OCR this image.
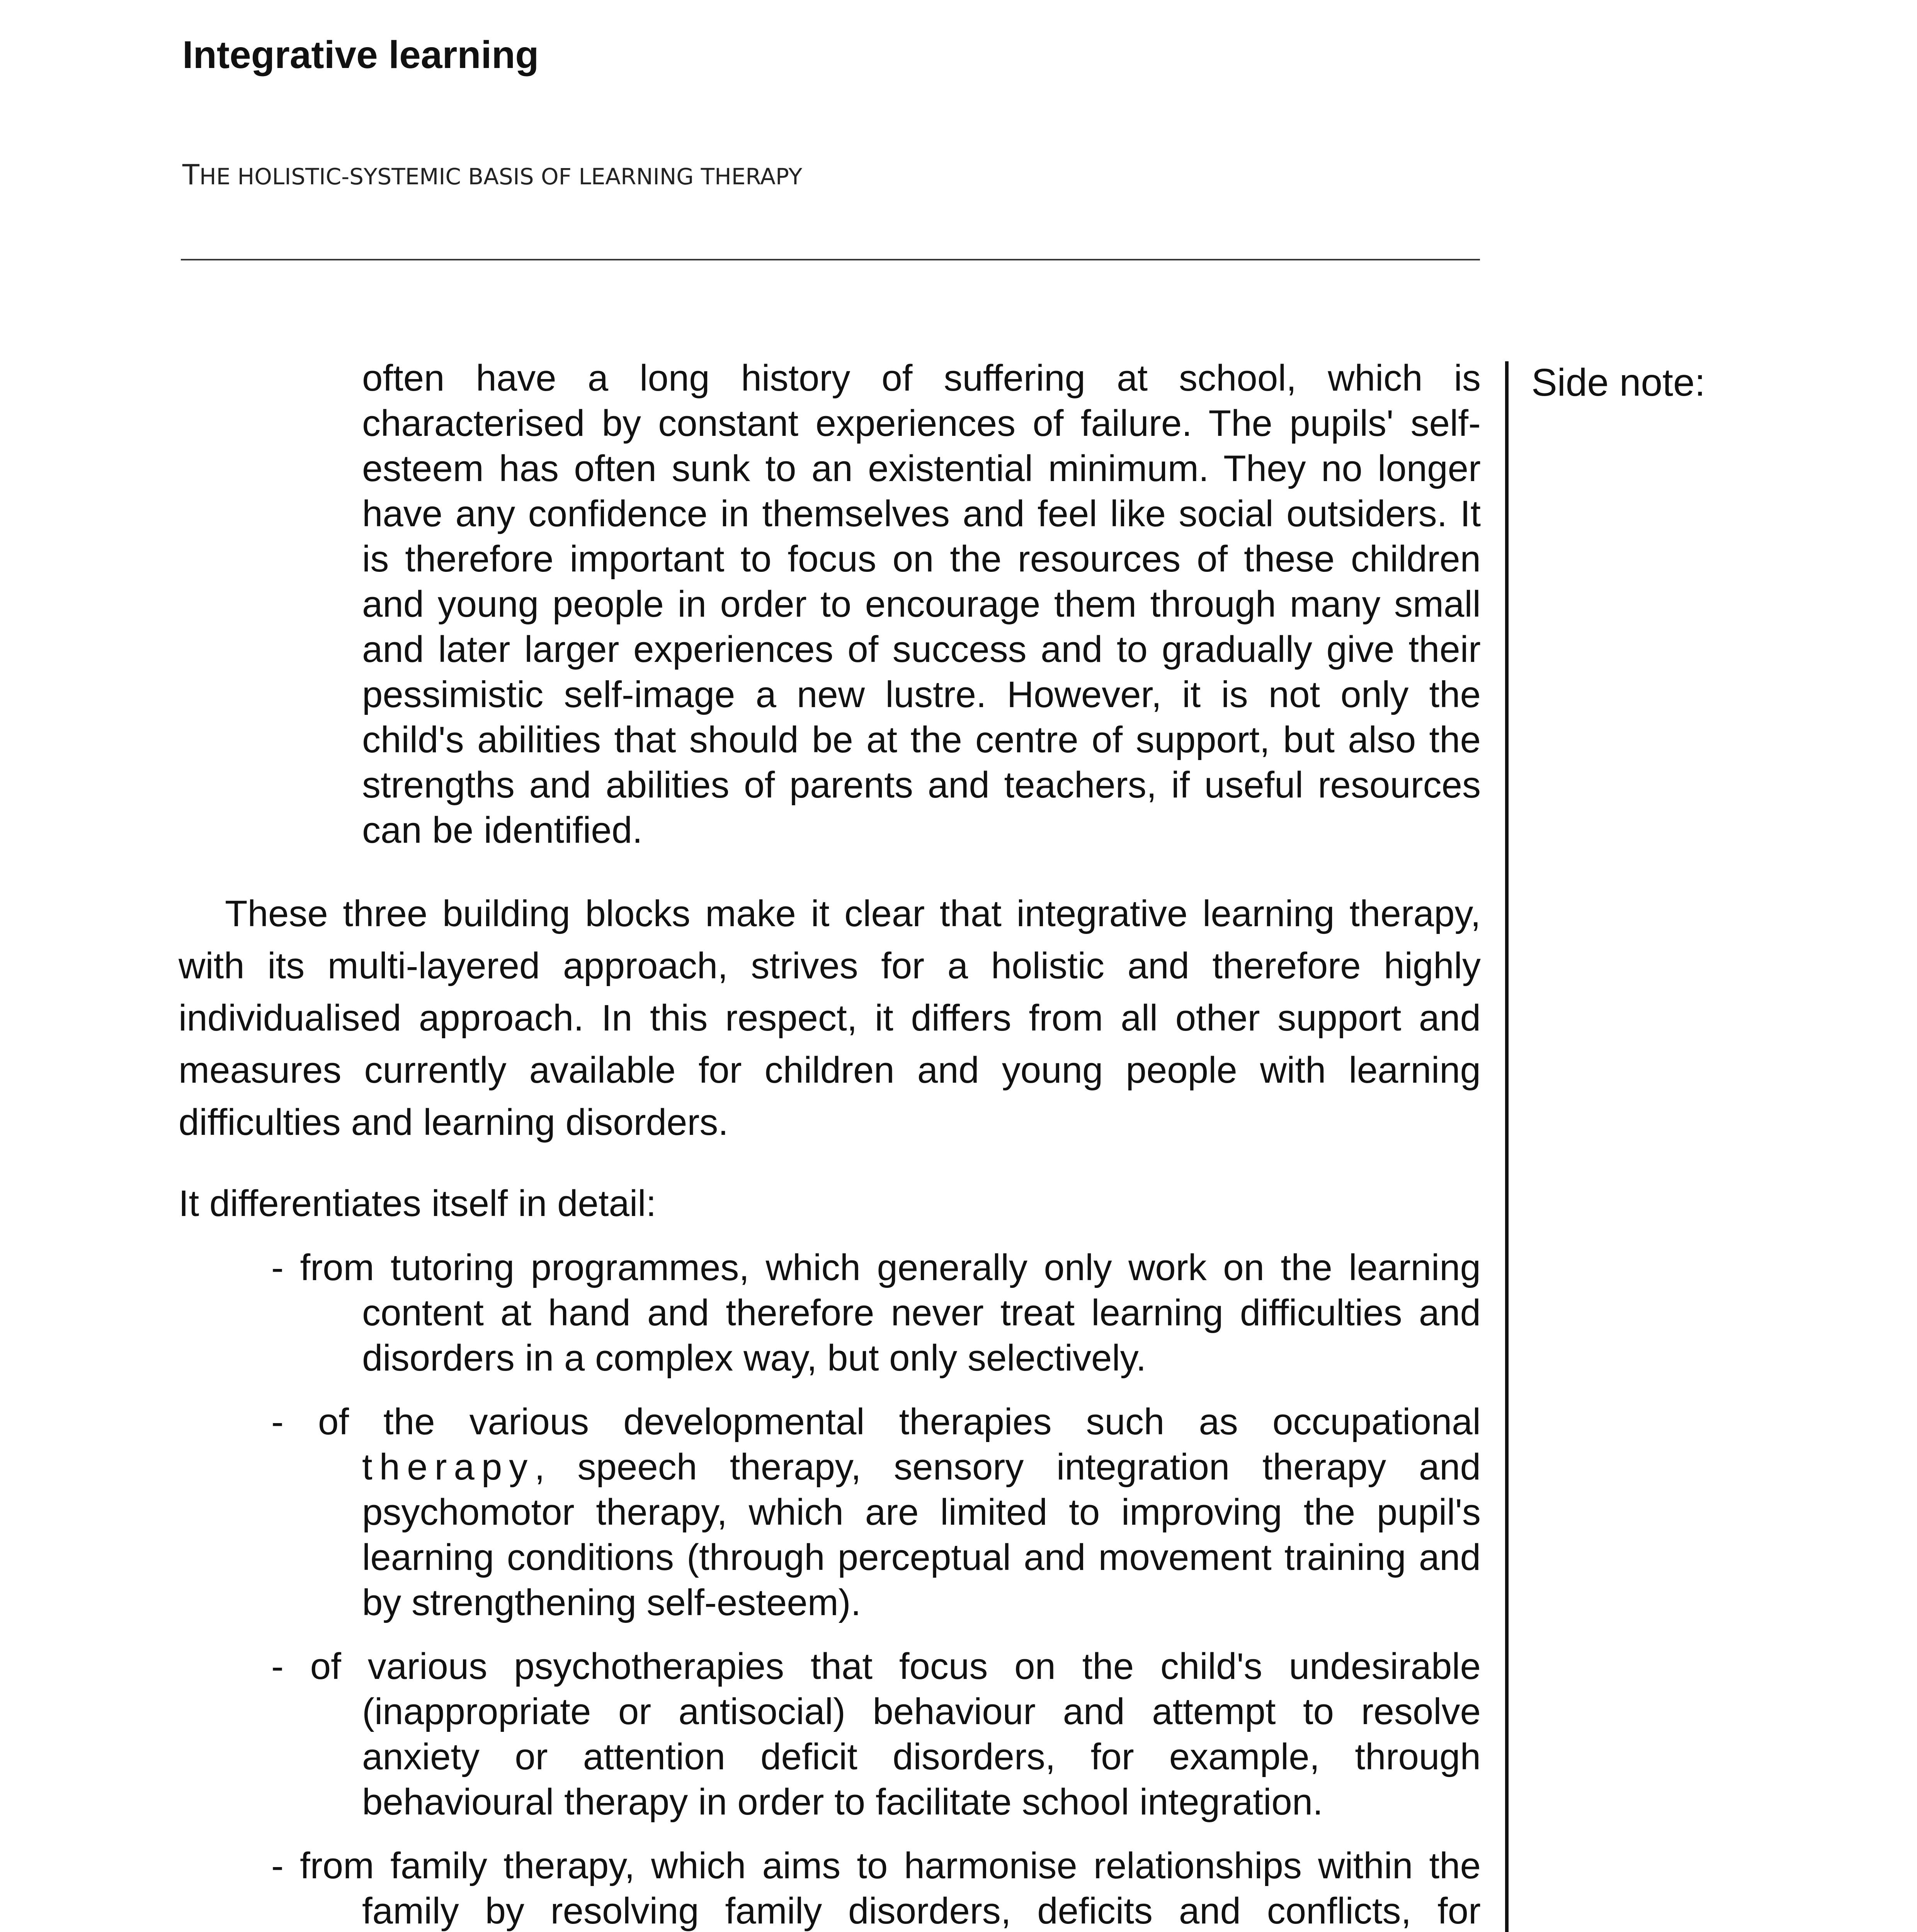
Integrative learning
THE HOLISTIC-SYSTEMIC BASIS OF LEARNING THERAPY
Side note:
often have a long history of suffering at school, which is characterised by constant experiences of failure. The pupils' self-esteem has often sunk to an existential minimum. They no longer have any confidence in themselves and feel like social outsiders. It is therefore important to focus on the resources of these children and young people in order to encourage them through many small and later larger experiences of success and to gradually give their pessimistic self-image a new lustre. However, it is not only the child's abilities that should be at the centre of support, but also the strengths and abilities of parents and teachers, if useful resources can be identified.

These three building blocks make it clear that integrative learning therapy, with its multi-layered approach, strives for a holistic and therefore highly individualised approach. In this respect, it differs from all other support and measures currently available for children and young people with learning difficulties and learning disorders.

It differentiates itself in detail:

- from tutoring programmes, which generally only work on the learning content at hand and therefore never treat learning difficulties and disorders in a complex way, but only selectively.
- of the various developmental therapies such as occupational therapy, speech therapy, sensory integration therapy and psychomotor therapy, which are limited to improving the pupil's learning conditions (through perceptual and movement training and by strengthening self-esteem).
- of various psychotherapies that focus on the child's undesirable (inappropriate or antisocial) behaviour and attempt to resolve anxiety or attention deficit disorders, for example, through behavioural therapy in order to facilitate school integration.
- from family therapy, which aims to harmonise relationships within the family by resolving family disorders, deficits and conflicts, for
